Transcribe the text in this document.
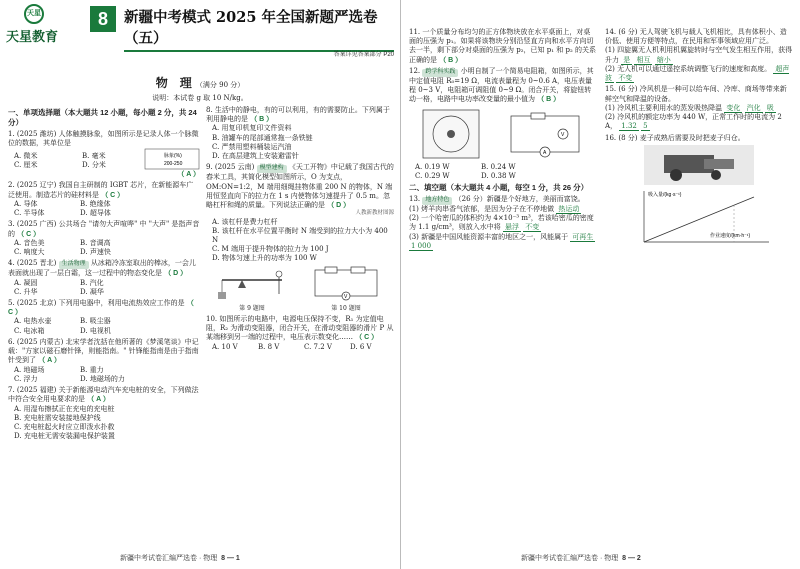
天星
天星教育
8	新疆中考模式 2025 年全国新题严选卷（五）
答案详见答案部分 P20
物　理 （满分 90 分）
说明：本试卷 g 取 10 N/kg。
一、单项选择题（本大题共 12 小题，每小题 2 分，共 24 分）
1. (2025 潍坊) 人体触摸脉象，如图所示是记录人体一个脉微位的数据，其单位是
A. 微米
C. 厘米
B. 毫米
D. 分米
脉象(%)
200-250
（ A ）
2. (2025 辽宁) 我国自主研制的 IGBT 芯片，在新能源车广泛使用。制造芯片的硅材料是 （ C ）
A. 导体	B. 绝缘体
C. 半导体	D. 超导体
3. (2025 广西) 公共场合 "请勿大声喧哗" 中 "大声" 是指声音的 （ C ）
A. 音色美	B. 音调高
C. 响度大	D. 声速快
4. (2025 晋北) 生活物理 从冰箱冷冻室取出的棒冰，一会儿表面就出现了一层白霜，这一过程中的物态变化是 （ D ）
A. 凝固	B. 汽化
C. 升华	D. 凝华
5. (2025 北京) 下列用电器中，利用电流热效应工作的是 （ C ）
A. 电热水壶	B. 吸尘器
C. 电冰箱	D. 电视机
6. (2025 内蒙古) 北宋学者沈括在他所著的《梦溪笔谈》中记载："方家以磁石磨针锋，则能指南。" 针锋能指南是由于指南针受到了 （ A ）
A. 地磁场	B. 重力
C. 浮力	D. 地磁场的力
7. (2025 福建) 关于新能源电动汽车充电桩的安全，下列做法中符合安全用电要求的是 （ A ）
A. 用湿布擦拭正在充电的充电桩
B. 充电桩需安装接地保护线
C. 充电桩起火时应立即泼水扑救
D. 充电桩无需安装漏电保护装置
8. 生活中的静电，有的可以利用，有的需要防止。下列属于利用静电的是 （ B ）
A. 用复印机复印文件资料
B. 油罐车的尾部通常拖一条铁链
C. 严禁用塑料桶装运汽油
D. 在高层建筑上安装避雷针
9. (2025 云南) 模型建构 《天工开物》中记载了我国古代的舂米工具，其简化模型如图所示，O 为支点，OM:ON=1:2，M 端用细绳挂物体重 200 N 的物体，N 端用恒竖直向下的拉力在 1 s 内使物体匀速提升了 0.5 m。忽略杠杆和绳的质量。下列说法正确的是 （ D ）
人教新教材图源
A. 该杠杆是费力杠杆
B. 该杠杆在水平位置平衡时 N 端受到的拉力大小为 400 N
C. M 端用于提升物体的拉力为 100 J
D. 物体匀速上升的功率为 100 W
第 9 题图
V
第 10 题图
10. 如图所示的电路中，电源电压保持不变，R₁ 为定值电阻，R₂ 为滑动变阻器，闭合开关，在滑动变阻器的滑片 P 从某端移到另一端的过程中，电压表示数变化…… （ C ）
A. 10 V	B. 8 V	C. 7.2 V	D. 6 V
新疆中考试卷汇编严选卷 · 物理 8 — 1
11. 一个质量分布均匀的正方体物块放在水平桌面上，对桌面的压强为 p₁。如果将该物块分别沿竖直方向和水平方向切去一半，剩下部分对桌面的压强为 p₂，已知 p₁ 和 p₂ 的关系正确的是 （ B ）
12. 跨学科实践 小明自制了一个简易电阻箱，如图所示，其中定值电阻 R₀=19 Ω，电流表量程为 0~0.6 A，电压表量程 0~3 V，电阻箱可调阻值 0~9 Ω。闭合开关，将旋钮转动一格，电路中电功率改变量的最小值为 （ B ）
V
A
A. 0.19 W	B. 0.24 W
C. 0.29 W	D. 0.38 W
二、填空题（本大题共 4 小题，每空 1 分，共 26 分）
13. 地方特色 （26 分）新疆是个好地方，美丽而富饶。
(1) 烤羊肉串香气浓郁，是因为分子在不停地做 热运动
(2) 一个哈密瓜的体积约为 4×10⁻³ m³，若该哈密瓜的密度为 1.1 g/cm³，则放入水中将 悬浮 不变
(3) 新疆是中国风能资源丰富的地区之一，风能属于 可再生 1 000
14. (6 分) 无人驾驶飞机与载人飞机相比，具有体积小、造价低、使用方便等特点，在民用和军事领域应用广泛。
(1) 四旋翼无人机利用机翼旋转时与空气发生相互作用，获得升力 是 相互 缩小
(2) 无人机可以通过遥控系统调整飞行的速度和高度。 超声波 不变
15. (6 分) 冷风机是一种可以给车间、冷库、商场等带来新鲜空气和降温的设备。
(1) 冷风机主要利用水的蒸发吸热降温 变化 汽化 吸
(2) 冷风机的额定功率为 440 W，正常工作时的电流为 2 A， 1.32 5
16. (8 分) 麦子成熟后需要及时把麦子归仓。
吸入量/(kg·s⁻¹)
作业速度/(km·h⁻¹)
新疆中考试卷汇编严选卷 · 物理 8 — 2
